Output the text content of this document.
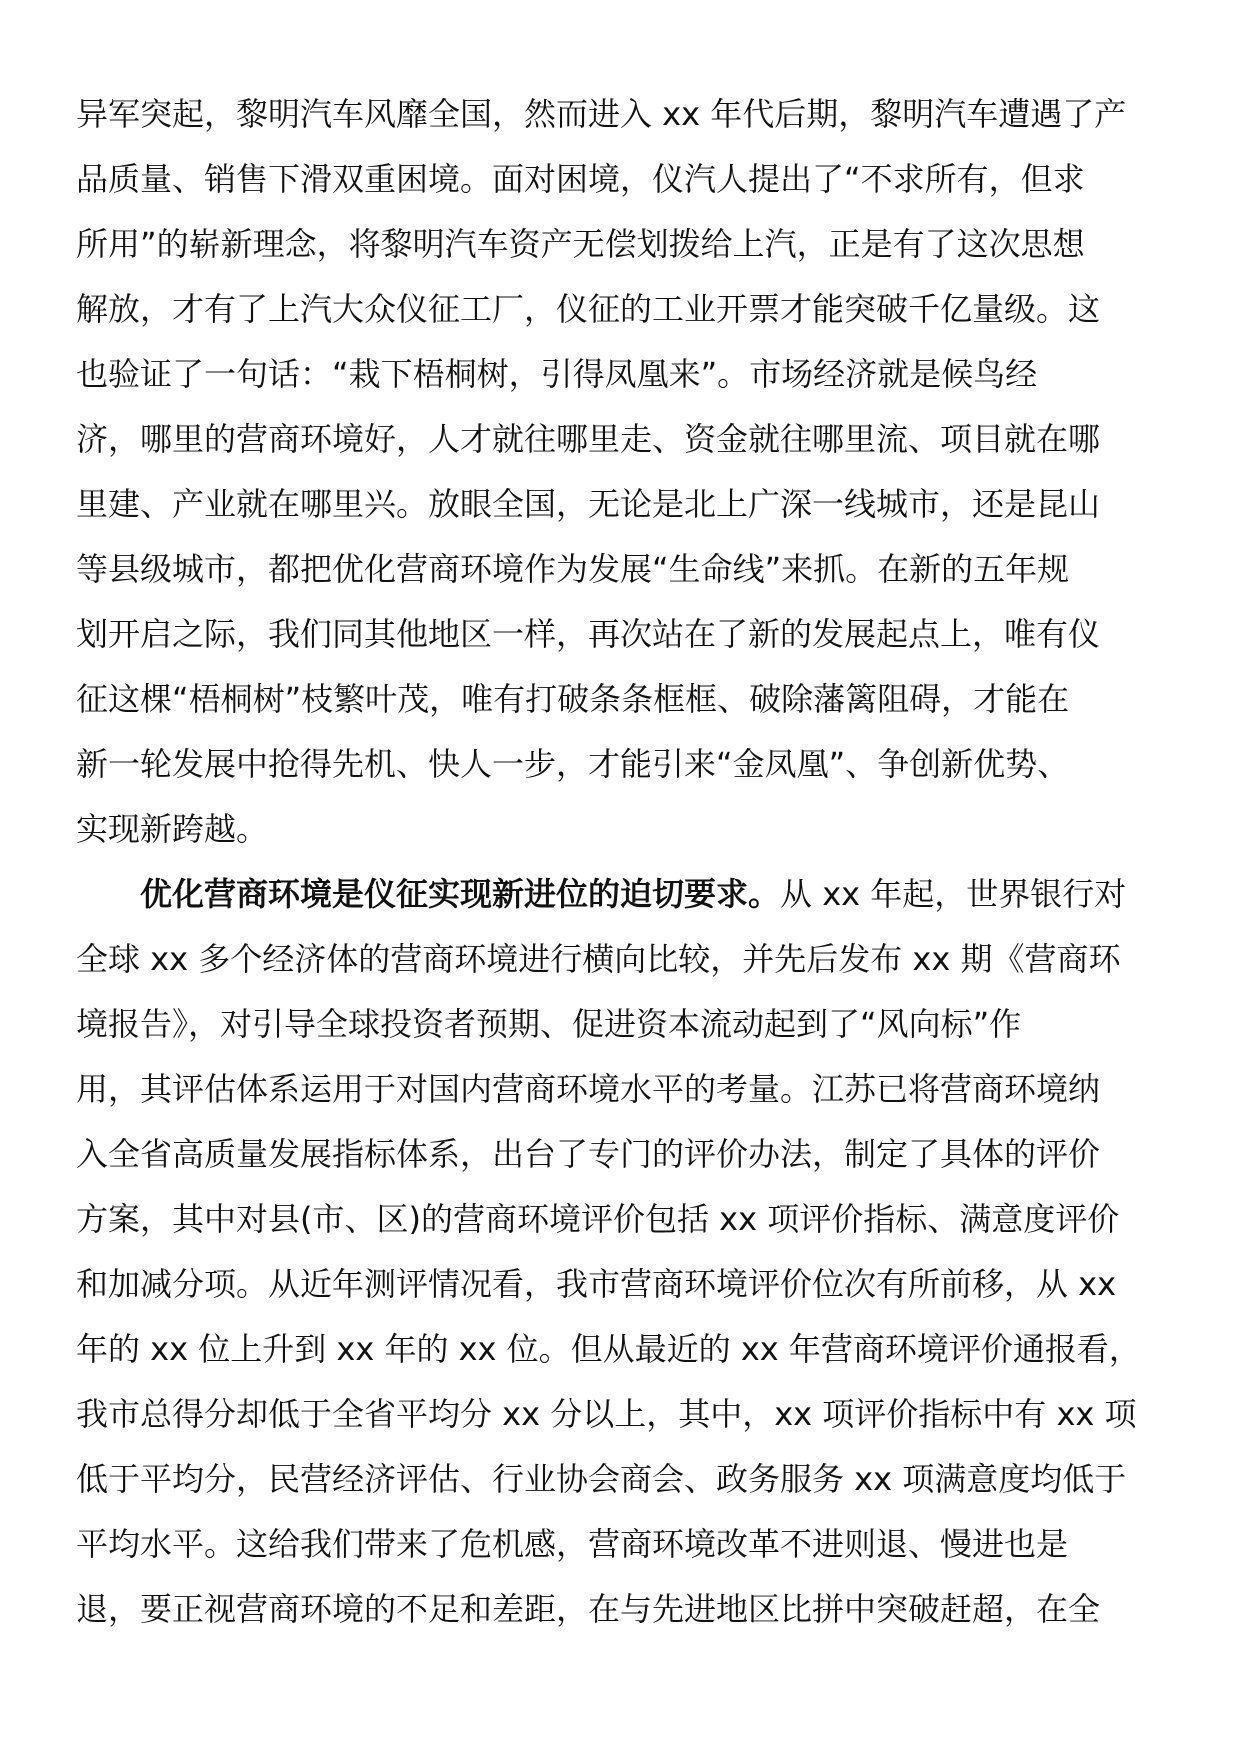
异军突起，黎明汽车风靡全国，然而进入 xx 年代后期，黎明汽车遭遇了产
品质量、销售下滑双重困境。面对困境，仪汽人提出了“不求所有，但求
所用”的崭新理念，将黎明汽车资产无偿划拨给上汽，正是有了这次思想
解放，才有了上汽大众仪征工厂，仪征的工业开票才能突破千亿量级。这
也验证了一句话：“栽下梧桐树，引得凤凰来”。市场经济就是候鸟经
济，哪里的营商环境好，人才就往哪里走、资金就往哪里流、项目就在哪
里建、产业就在哪里兴。放眼全国，无论是北上广深一线城市，还是昆山
等县级城市，都把优化营商环境作为发展“生命线”来抓。在新的五年规
划开启之际，我们同其他地区一样，再次站在了新的发展起点上，唯有仪
征这棵“梧桐树”枝繁叶茂，唯有打破条条框框、破除藩篱阻碍，才能在
新一轮发展中抢得先机、快人一步，才能引来“金凤凰”、争创新优势、
实现新跨越。
优化营商环境是仪征实现新进位的迫切要求。从 xx 年起，世界银行对
全球 xx 多个经济体的营商环境进行横向比较，并先后发布 xx 期《营商环
境报告》，对引导全球投资者预期、促进资本流动起到了“风向标”作
用，其评估体系运用于对国内营商环境水平的考量。江苏已将营商环境纳
入全省高质量发展指标体系，出台了专门的评价办法，制定了具体的评价
方案，其中对县(市、区)的营商环境评价包括 xx 项评价指标、满意度评价
和加减分项。从近年测评情况看，我市营商环境评价位次有所前移，从 xx
年的 xx 位上升到 xx 年的 xx 位。但从最近的 xx 年营商环境评价通报看，
我市总得分却低于全省平均分 xx 分以上，其中，xx 项评价指标中有 xx 项
低于平均分，民营经济评估、行业协会商会、政务服务 xx 项满意度均低于
平均水平。这给我们带来了危机感，营商环境改革不进则退、慢进也是
退，要正视营商环境的不足和差距，在与先进地区比拼中突破赶超，在全
